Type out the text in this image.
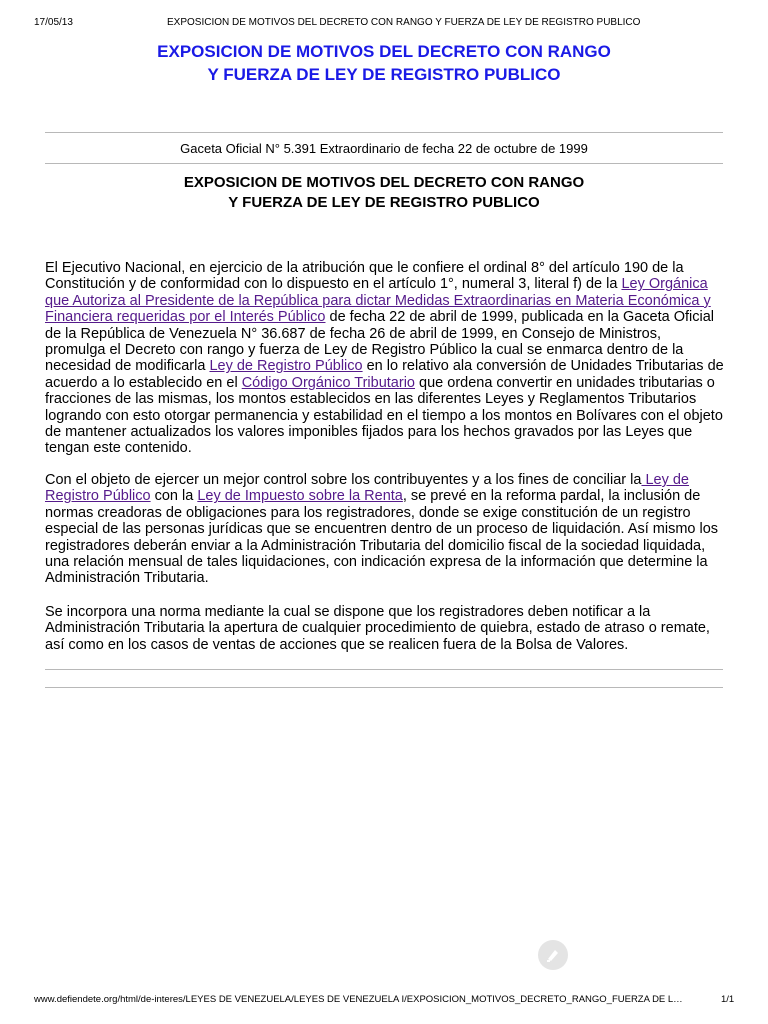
17/05/13	EXPOSICION DE MOTIVOS DEL DECRETO CON RANGO Y FUERZA DE LEY DE REGISTRO PUBLICO
EXPOSICION DE MOTIVOS DEL DECRETO CON RANGO
Y FUERZA DE LEY DE REGISTRO PUBLICO
Gaceta Oficial N° 5.391 Extraordinario de fecha 22 de octubre de 1999
EXPOSICION DE MOTIVOS DEL DECRETO CON RANGO
Y FUERZA DE LEY DE REGISTRO PUBLICO
El Ejecutivo Nacional, en ejercicio de la atribución que le confiere el ordinal 8° del artículo 190 de la Constitución y de conformidad con lo dispuesto en el artículo 1°, numeral 3, literal f) de la Ley Orgánica que Autoriza al Presidente de la República para dictar Medidas Extraordinarias en Materia Económica y Financiera requeridas por el Interés Público de fecha 22 de abril de 1999, publicada en la Gaceta Oficial de la República de Venezuela N° 36.687 de fecha 26 de abril de 1999, en Consejo de Ministros, promulga el Decreto con rango y fuerza de Ley de Registro Público la cual se enmarca dentro de la necesidad de modificarla Ley de Registro Público en lo relativo ala conversión de Unidades Tributarias de acuerdo a lo establecido en el Código Orgánico Tributario que ordena convertir en unidades tributarias o fracciones de las mismas, los montos establecidos en las diferentes Leyes y Reglamentos Tributarios logrando con esto otorgar permanencia y estabilidad en el tiempo a los montos en Bolívares con el objeto de mantener actualizados los valores imponibles fijados para los hechos gravados por las Leyes que tengan este contenido.
Con el objeto de ejercer un mejor control sobre los contribuyentes y a los fines de conciliar la Ley de Registro Público con la Ley de Impuesto sobre la Renta, se prevé en la reforma pardal, la inclusión de normas creadoras de obligaciones para los registradores, donde se exige constitución de un registro especial de las personas jurídicas que se encuentren dentro de un proceso de liquidación. Así mismo los registradores deberán enviar a la Administración Tributaria del domicilio fiscal de la sociedad liquidada, una relación mensual de tales liquidaciones, con indicación expresa de la información que determine la Administración Tributaria.
Se incorpora una norma mediante la cual se dispone que los registradores deben notificar a la Administración Tributaria la apertura de cualquier procedimiento de quiebra, estado de atraso o remate, así como en los casos de ventas de acciones que se realicen fuera de la Bolsa de Valores.
www.defiendete.org/html/de-interes/LEYES DE VENEZUELA/LEYES DE VENEZUELA I/EXPOSICION_MOTIVOS_DECRETO_RANGO_FUERZA DE L…	1/1
